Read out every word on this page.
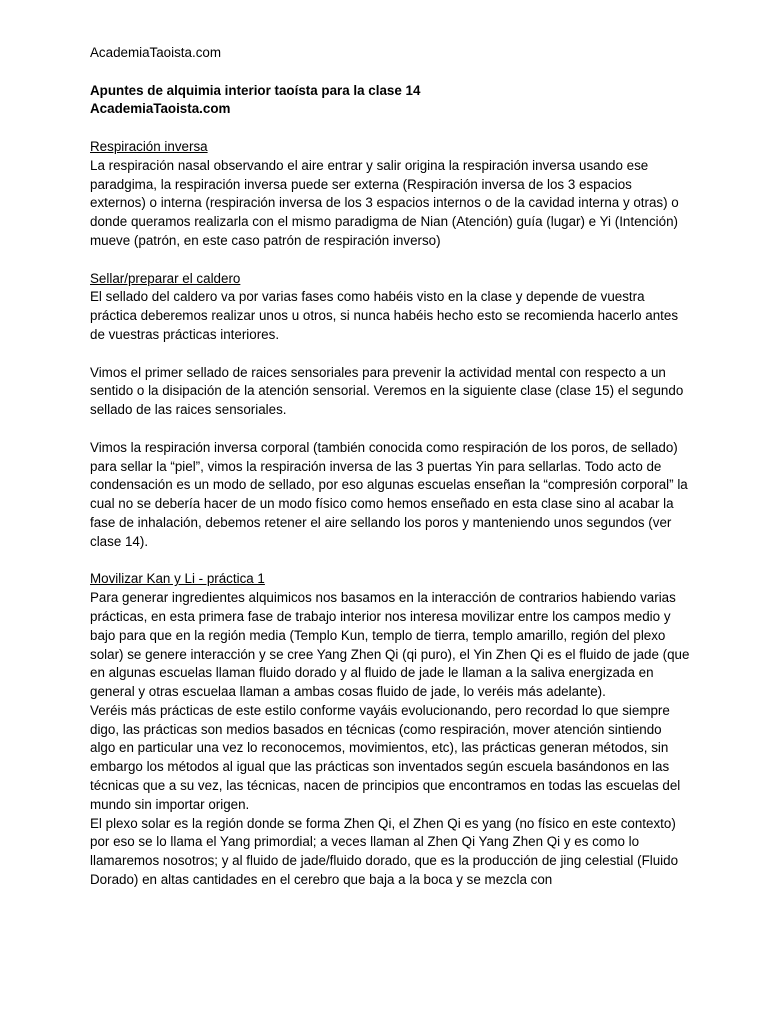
AcademiaTaoista.com
Apuntes de alquimia interior taoísta para la clase 14
AcademiaTaoista.com
Respiración inversa

La respiración nasal observando el aire entrar y salir origina la respiración inversa usando ese paradgima, la respiración inversa puede ser externa (Respiración inversa de los 3 espacios externos) o interna (respiración inversa de los 3 espacios internos o de la cavidad interna y otras) o donde queramos realizarla con el mismo paradigma de Nian (Atención) guía (lugar) e Yi (Intención) mueve (patrón, en este caso patrón de respiración inverso)

Sellar/preparar el caldero

El sellado del caldero va por varias fases como habéis visto en la clase y depende de vuestra práctica deberemos realizar unos u otros, si nunca habéis hecho esto se recomienda hacerlo antes de vuestras prácticas interiores.

Vimos el primer sellado de raices sensoriales para prevenir la actividad mental con respecto a un sentido o la disipación de la atención sensorial. Veremos en la siguiente clase (clase 15) el segundo sellado de las raices sensoriales.

Vimos la respiración inversa corporal (también conocida como respiración de los poros, de sellado) para sellar la “piel”, vimos la respiración inversa de las 3 puertas Yin para sellarlas. Todo acto de condensación es un modo de sellado, por eso algunas escuelas enseñan la “compresión corporal” la cual no se debería hacer de un modo físico como hemos enseñado en esta clase sino al acabar la fase de inhalación, debemos retener el aire sellando los poros y manteniendo unos segundos (ver clase 14).

Movilizar Kan y Li - práctica 1

Para generar ingredientes alquimicos nos basamos en la interacción de contrarios habiendo varias prácticas, en esta primera fase de trabajo interior nos interesa movilizar entre los campos medio y bajo para que en la región media (Templo Kun, templo de tierra, templo amarillo, región del plexo solar) se genere interacción y se cree Yang Zhen Qi (qi puro), el Yin Zhen Qi es el fluido de jade (que en algunas escuelas llaman fluido dorado y al fluido de jade le llaman a la saliva energizada en general y otras escuelaa llaman a ambas cosas fluido de jade, lo veréis más adelante).

Veréis más prácticas de este estilo conforme vayáis evolucionando, pero recordad lo que siempre digo, las prácticas son medios basados en técnicas (como respiración, mover atención sintiendo algo en particular una vez lo reconocemos, movimientos, etc), las prácticas generan métodos, sin embargo los métodos al igual que las prácticas son inventados según escuela basándonos en las técnicas que a su vez, las técnicas, nacen de principios que encontramos en todas las escuelas del mundo sin importar origen.

El plexo solar es la región donde se forma Zhen Qi, el Zhen Qi es yang (no físico en este contexto) por eso se lo llama el Yang primordial; a veces llaman al Zhen Qi Yang Zhen Qi y es como lo llamaremos nosotros; y al fluido de jade/fluido dorado, que es la producción de jing celestial (Fluido Dorado) en altas cantidades en el cerebro que baja a la boca y se mezcla con
